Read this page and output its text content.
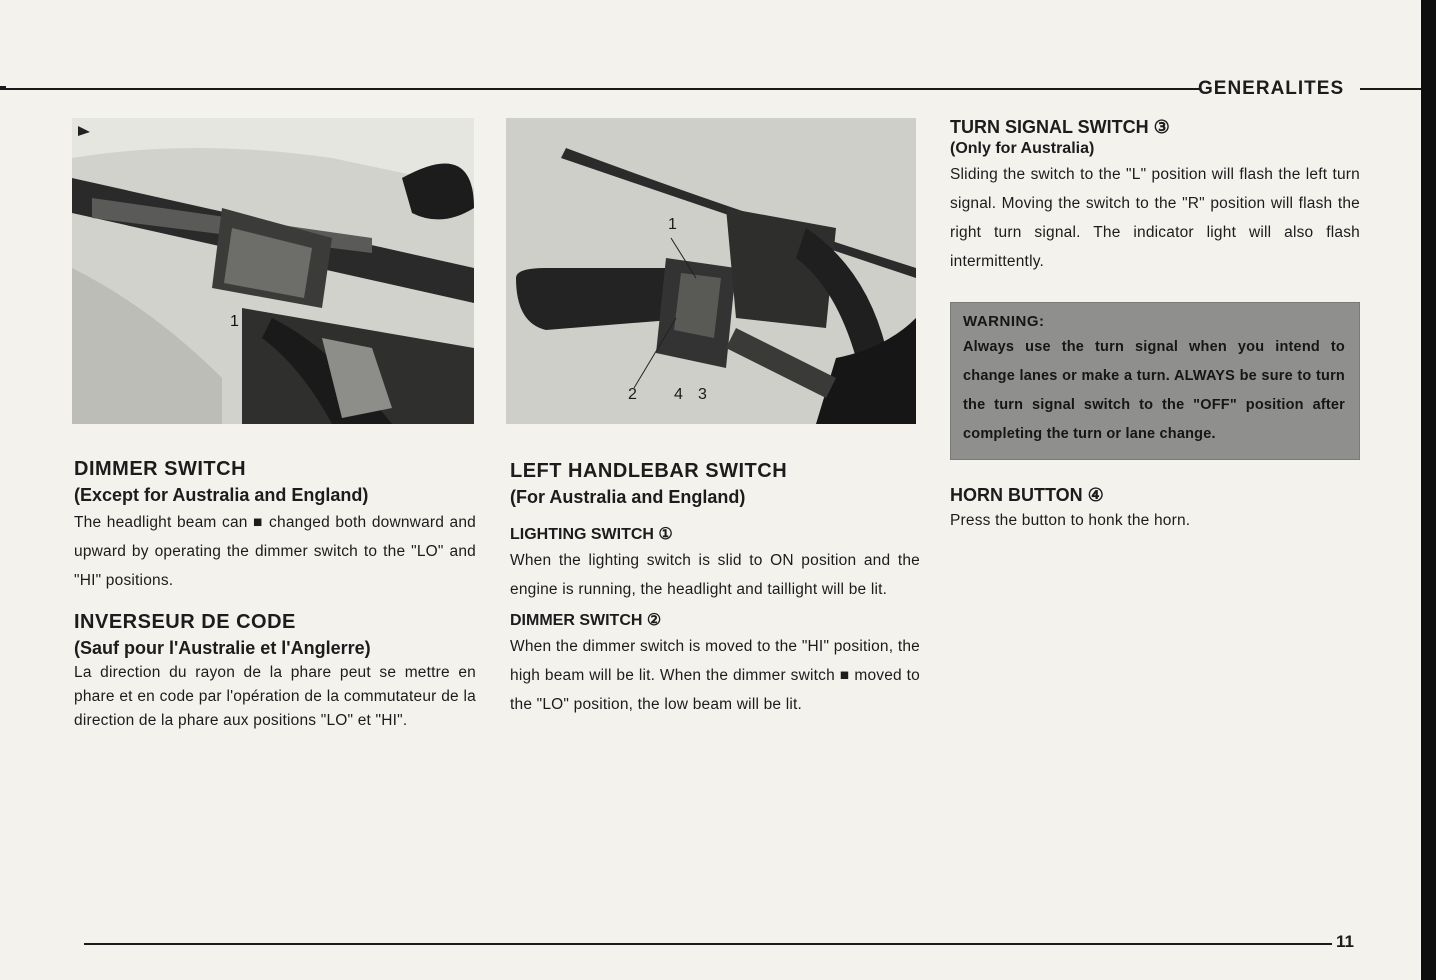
GENERALITES
1
1
2 4 3
DIMMER SWITCH
(Except for Australia and England)

The headlight beam can ■ changed both downward and upward by operating the dimmer switch to the "LO" and "HI" positions.

INVERSEUR DE CODE
(Sauf pour l'Australie et l'Anglerre)

La direction du rayon de la phare peut se mettre en phare et en code par l'opération de la commutateur de la direction de la phare aux positions "LO" et "HI".

LEFT HANDLEBAR SWITCH
(For Australia and England)
LIGHTING SWITCH ①

When the lighting switch is slid to ON position and the engine is running, the headlight and taillight will be lit.

DIMMER SWITCH ②

When the dimmer switch is moved to the "HI" position, the high beam will be lit. When the dimmer switch ■ moved to the "LO" position, the low beam will be lit.

TURN SIGNAL SWITCH ③
(Only for Australia)

Sliding the switch to the "L" position will flash the left turn signal. Moving the switch to the "R" position will flash the right turn signal. The indicator light will also flash intermittently.

WARNING:

Always use the turn signal when you intend to change lanes or make a turn. ALWAYS be sure to turn the turn signal switch to the "OFF" position after completing the turn or lane change.

HORN BUTTON ④

Press the button to honk the horn.

11
